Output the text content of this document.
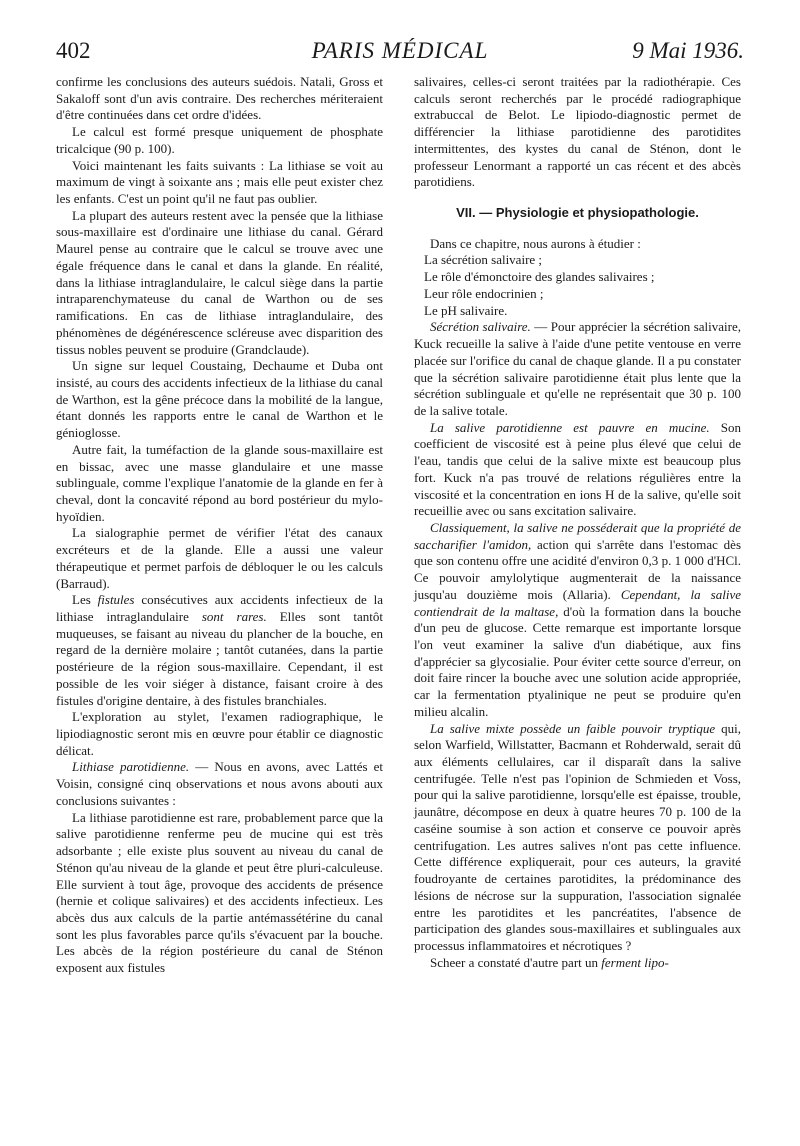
402	PARIS MÉDICAL	9 Mai 1936.

confirme les conclusions des auteurs suédois. Natali, Gross et Sakaloff sont d'un avis contraire. Des recherches mériteraient d'être continuées dans cet ordre d'idées.

Le calcul est formé presque uniquement de phosphate tricalcique (90 p. 100).

Voici maintenant les faits suivants : La lithiase se voit au maximum de vingt à soixante ans ; mais elle peut exister chez les enfants. C'est un point qu'il ne faut pas oublier.

La plupart des auteurs restent avec la pensée que la lithiase sous-maxillaire est d'ordinaire une lithiase du canal. Gérard Maurel pense au contraire que le calcul se trouve avec une égale fréquence dans le canal et dans la glande. En réalité, dans la lithiase intraglandulaire, le calcul siège dans la partie intraparenchymateuse du canal de Warthon ou de ses ramifications. En cas de lithiase intraglandulaire, des phénomènes de dégénérescence scléreuse avec disparition des tissus nobles peuvent se produire (Grandclaude).

Un signe sur lequel Coustaing, Dechaume et Duba ont insisté, au cours des accidents infectieux de la lithiase du canal de Warthon, est la gêne précoce dans la mobilité de la langue, étant donnés les rapports entre le canal de Warthon et le génioglosse.

Autre fait, la tuméfaction de la glande sous-maxillaire est en bissac, avec une masse glandulaire et une masse sublinguale, comme l'explique l'anatomie de la glande en fer à cheval, dont la concavité répond au bord postérieur du mylo-hyoïdien.

La sialographie permet de vérifier l'état des canaux excréteurs et de la glande. Elle a aussi une valeur thérapeutique et permet parfois de débloquer le ou les calculs (Barraud).

Les fistules consécutives aux accidents infectieux de la lithiase intraglandulaire sont rares. Elles sont tantôt muqueuses, se faisant au niveau du plancher de la bouche, en regard de la dernière molaire ; tantôt cutanées, dans la partie postérieure de la région sous-maxillaire. Cependant, il est possible de les voir siéger à distance, faisant croire à des fistules d'origine dentaire, à des fistules branchiales.

L'exploration au stylet, l'examen radiographique, le lipiodiagnostic seront mis en œuvre pour établir ce diagnostic délicat.

Lithiase parotidienne. — Nous en avons, avec Lattés et Voisin, consigné cinq observations et nous avons abouti aux conclusions suivantes :

La lithiase parotidienne est rare, probablement parce que la salive parotidienne renferme peu de mucine qui est très adsorbante ; elle existe plus souvent au niveau du canal de Sténon qu'au niveau de la glande et peut être pluri-calculeuse. Elle survient à tout âge, provoque des accidents de présence (hernie et colique salivaires) et des accidents infectieux. Les abcès dus aux calculs de la partie antémassétérine du canal sont les plus favorables parce qu'ils s'évacuent par la bouche. Les abcès de la région postérieure du canal de Sténon exposent aux fistules

salivaires, celles-ci seront traitées par la radiothérapie. Ces calculs seront recherchés par le procédé radiographique extrabuccal de Belot. Le lipiodo-diagnostic permet de différencier la lithiase parotidienne des parotidites intermittentes, des kystes du canal de Sténon, dont le professeur Lenormant a rapporté un cas récent et des abcès parotidiens.

VII. — Physiologie et physiopathologie.

Dans ce chapitre, nous aurons à étudier :

La sécrétion salivaire ;

Le rôle d'émonctoire des glandes salivaires ;

Leur rôle endocrinien ;

Le pH salivaire.

Sécrétion salivaire. — Pour apprécier la sécrétion salivaire, Kuck recueille la salive à l'aide d'une petite ventouse en verre placée sur l'orifice du canal de chaque glande. Il a pu constater que la sécrétion salivaire parotidienne était plus lente que la sécrétion sublinguale et qu'elle ne représentait que 30 p. 100 de la salive totale.

La salive parotidienne est pauvre en mucine. Son coefficient de viscosité est à peine plus élevé que celui de l'eau, tandis que celui de la salive mixte est beaucoup plus fort. Kuck n'a pas trouvé de relations régulières entre la viscosité et la concentration en ions H de la salive, qu'elle soit recueillie avec ou sans excitation salivaire.

Classiquement, la salive ne posséderait que la propriété de saccharifier l'amidon, action qui s'arrête dans l'estomac dès que son contenu offre une acidité d'environ 0,3 p. 1 000 d'HCl. Ce pouvoir amylolytique augmenterait de la naissance jusqu'au douzième mois (Allaria). Cependant, la salive contiendrait de la maltase, d'où la formation dans la bouche d'un peu de glucose. Cette remarque est importante lorsque l'on veut examiner la salive d'un diabétique, aux fins d'apprécier sa glycosialie. Pour éviter cette source d'erreur, on doit faire rincer la bouche avec une solution acide appropriée, car la fermentation ptyalinique ne peut se produire qu'en milieu alcalin.

La salive mixte possède un faible pouvoir tryptique qui, selon Warfield, Willstatter, Bacmann et Rohderwald, serait dû aux éléments cellulaires, car il disparaît dans la salive centrifugée. Telle n'est pas l'opinion de Schmieden et Voss, pour qui la salive parotidienne, lorsqu'elle est épaisse, trouble, jaunâtre, décompose en deux à quatre heures 70 p. 100 de la caséine soumise à son action et conserve ce pouvoir après centrifugation. Les autres salives n'ont pas cette influence. Cette différence expliquerait, pour ces auteurs, la gravité foudroyante de certaines parotidites, la prédominance des lésions de nécrose sur la suppuration, l'association signalée entre les parotidites et les pancréatites, l'absence de participation des glandes sous-maxillaires et sublinguales aux processus inflammatoires et nécrotiques ?

Scheer a constaté d'autre part un ferment lipo-
